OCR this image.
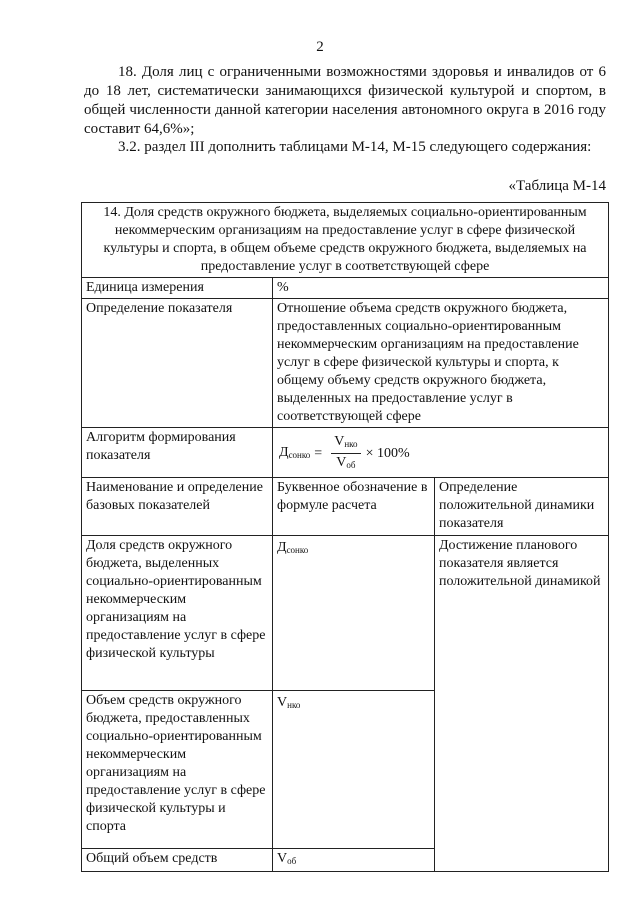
2

18. Доля лиц с ограниченными возможностями здоровья и инвалидов от 6 до 18 лет, систематически занимающихся физической культурой и спортом, в общей численности данной категории населения автономного округа в 2016 году составит 64,6%»;

3.2. раздел III дополнить таблицами М-14, М-15 следующего содержания:

«Таблица М-14
14. Доля средств окружного бюджета, выделяемых социально-ориентированным некоммерческим организациям на предоставление услуг в сфере физической культуры и спорта, в общем объеме средств окружного бюджета, выделяемых на предоставление услуг в соответствующей сфере		
Единица измерения	%	
Определение показателя	Отношение объема средств окружного бюджета, предоставленных социально-ориентированным некоммерческим организациям на предоставление услуг в сфере физической культуры и спорта, к общему объему средств окружного бюджета, выделенных на предоставление услуг в соответствующей сфере	
Алгоритм формирования показателя	$Д_{сонко} = \frac{V_{нко}}{V_{об}} \times 100\%$	

Наименование и определение базовых показателей	Буквенное обозначение в формуле расчета	Определение положительной динамики показателя
Доля средств окружного бюджета, выделенных социально-ориентированным некоммерческим организациям на предоставление услуг в сфере физической культуры	$Д_{сонко}$	Достижение планового показателя является положительной динамикой
Объем средств окружного бюджета, предоставленных социально-ориентированным некоммерческим организациям на предоставление услуг в сфере физической культуры и спорта	$V_{нко}$
Общий объем средств	$V_{об}$
